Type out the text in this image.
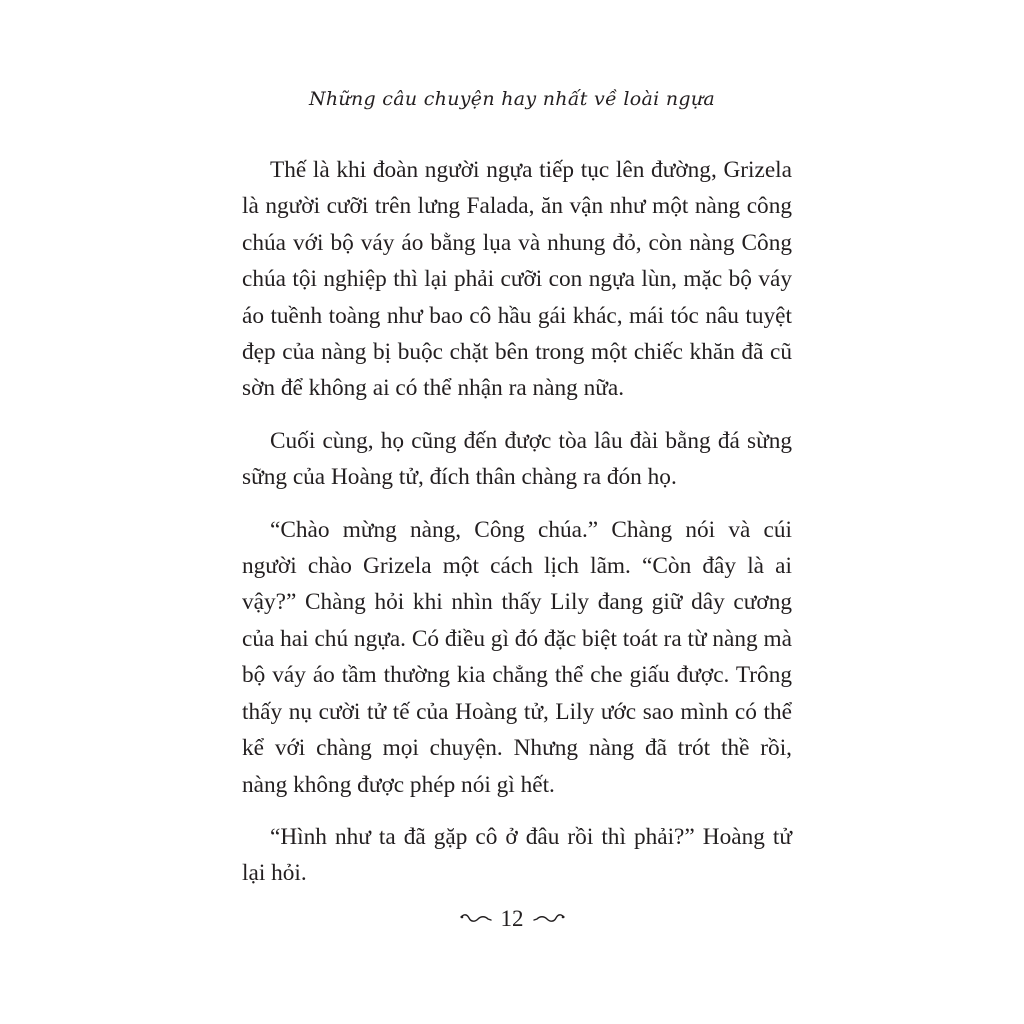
Những câu chuyện hay nhất về loài ngựa

Thế là khi đoàn người ngựa tiếp tục lên đường, Grizela là người cưỡi trên lưng Falada, ăn vận như một nàng công chúa với bộ váy áo bằng lụa và nhung đỏ, còn nàng Công chúa tội nghiệp thì lại phải cưỡi con ngựa lùn, mặc bộ váy áo tuềnh toàng như bao cô hầu gái khác, mái tóc nâu tuyệt đẹp của nàng bị buộc chặt bên trong một chiếc khăn đã cũ sờn để không ai có thể nhận ra nàng nữa.

Cuối cùng, họ cũng đến được tòa lâu đài bằng đá sừng sững của Hoàng tử, đích thân chàng ra đón họ.

“Chào mừng nàng, Công chúa.” Chàng nói và cúi người chào Grizela một cách lịch lãm. “Còn đây là ai vậy?” Chàng hỏi khi nhìn thấy Lily đang giữ dây cương của hai chú ngựa. Có điều gì đó đặc biệt toát ra từ nàng mà bộ váy áo tầm thường kia chẳng thể che giấu được. Trông thấy nụ cười tử tế của Hoàng tử, Lily ước sao mình có thể kể với chàng mọi chuyện. Nhưng nàng đã trót thề rồi, nàng không được phép nói gì hết.

“Hình như ta đã gặp cô ở đâu rồi thì phải?” Hoàng tử lại hỏi.

12
